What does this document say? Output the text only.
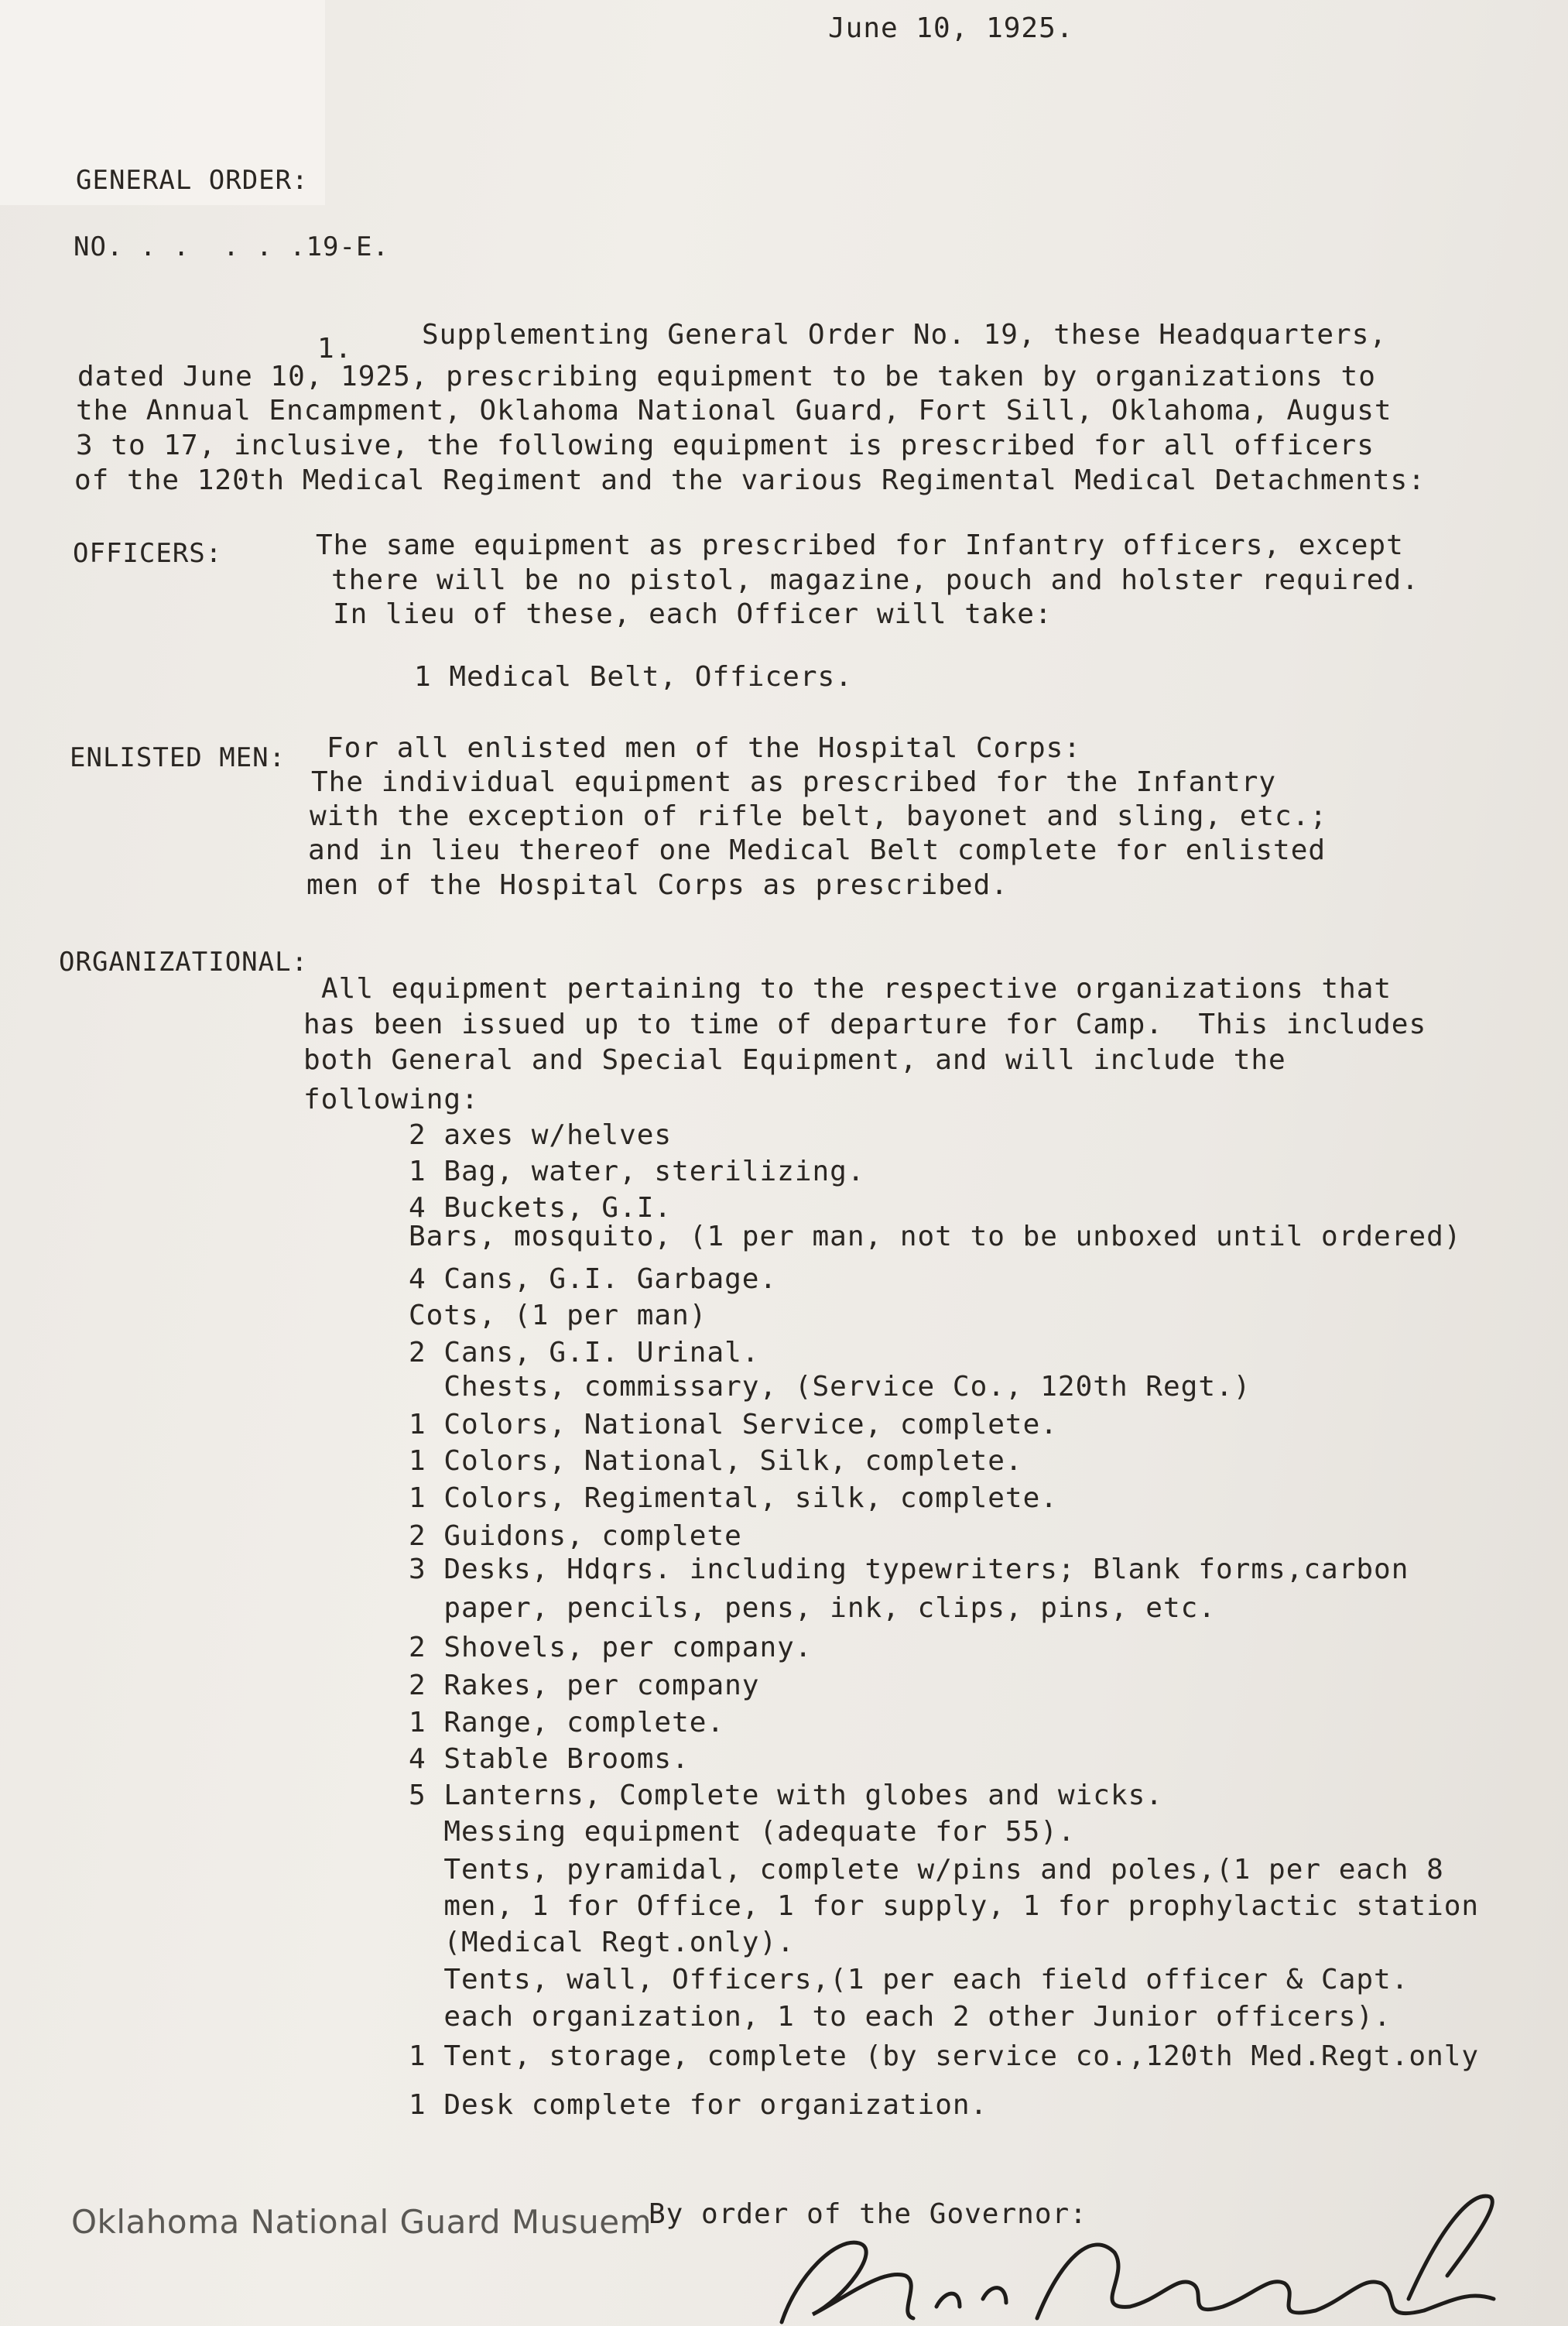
June 10, 1925.
GENERAL ORDER:
NO. . .  . . .19-E.
1. Supplementing General Order No. 19, these Headquarters,
dated June 10, 1925, prescribing equipment to be taken by organizations to
the Annual Encampment, Oklahoma National Guard, Fort Sill, Oklahoma, August
3 to 17, inclusive, the following equipment is prescribed for all officers
of the 120th Medical Regiment and the various Regimental Medical Detachments:
OFFICERS:	The same equipment as prescribed for Infantry officers, except
there will be no pistol, magazine, pouch and holster required.
In lieu of these, each Officer will take:
1 Medical Belt, Officers.
ENLISTED MEN: For all enlisted men of the Hospital Corps:
The individual equipment as prescribed for the Infantry
with the exception of rifle belt, bayonet and sling, etc.;
and in lieu thereof one Medical Belt complete for enlisted
men of the Hospital Corps as prescribed.
ORGANIZATIONAL:
All equipment pertaining to the respective organizations that
has been issued up to time of departure for Camp.  This includes
both General and Special Equipment, and will include the
following:
2 axes w/helves
1 Bag, water, sterilizing.
4 Buckets, G.I.
Bars, mosquito, (1 per man, not to be unboxed until ordered)
4 Cans, G.I. Garbage.
Cots, (1 per man)
2 Cans, G.I. Urinal.
Chests, commissary, (Service Co., 120th Regt.)
1 Colors, National Service, complete.
1 Colors, National, Silk, complete.
1 Colors, Regimental, silk, complete.
2 Guidons, complete
3 Desks, Hdqrs. including typewriters; Blank forms,carbon
paper, pencils, pens, ink, clips, pins, etc.
2 Shovels, per company.
2 Rakes, per company
1 Range, complete.
4 Stable Brooms.
5 Lanterns, Complete with globes and wicks.
Messing equipment (adequate for 55).
Tents, pyramidal, complete w/pins and poles,(1 per each 8
men, 1 for Office, 1 for supply, 1 for prophylactic station
(Medical Regt.only).
Tents, wall, Officers,(1 per each field officer & Capt.
each organization, 1 to each 2 other Junior officers).
1 Tent, storage, complete (by service co.,120th Med.Regt.only
1 Desk complete for organization.
By order of the Governor:
Oklahoma National Guard Musuem
